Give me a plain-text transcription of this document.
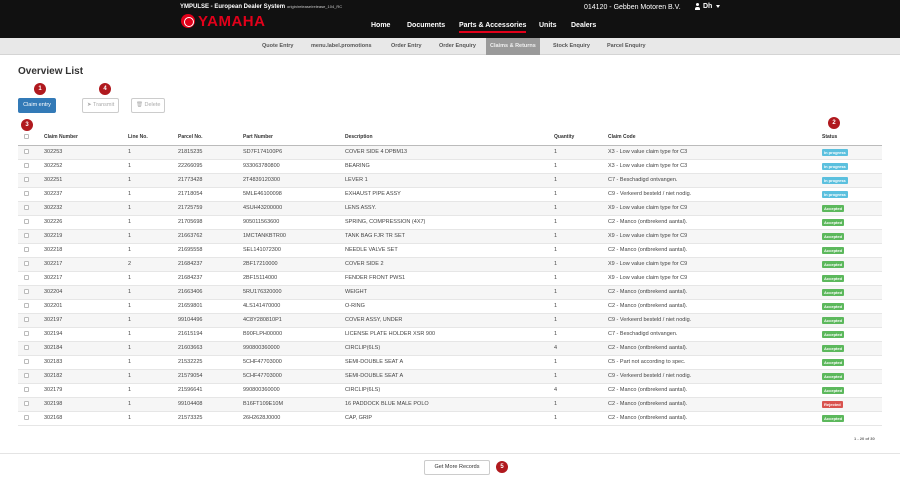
YMPULSE - European Dealer System origin/release/release_104_RC
YAMAHA
014120 - Gebben Motoren B.V.	Dh
Home Documents Parts & Accessories Units Dealers
Quote Entry	menu.label.promotions	Order Entry	Order Enquiry	Claims & Returns	Stock Enquiry	Parcel Enquiry
Overview List
1	4
2
3
5
Claim entry	➤ Transmit	🗑 Delete
	Claim Number	Line No.	Parcel No.	Part Number	Description	Quantity	Claim Code	Status
	302253	1	21815235	SD7F174100P6	COVER SIDE 4 DPBM13	1	X3 - Low value claim type for C3	In progress
	302252	1	22266095	933063780800	BEARING	1	X3 - Low value claim type for C3	In progress
	302251	1	21773428	2T4839120300	LEVER 1	1	C7 - Beschadigd ontvangen.	In progress
	302237	1	21718054	5MLE46100098	EXHAUST PIPE ASSY	1	C9 - Verkeerd besteld / niet nodig.	In progress
	302232	1	21725759	4SUH43200000	LENS ASSY.	1	X9 - Low value claim type for C9	Accepted
	302226	1	21705698	905011563600	SPRING, COMPRESSION (4X7)	1	C2 - Manco (ontbrekend aantal).	Accepted
	302219	1	21663762	1MCTANKBTR00	TANK BAG FJR TR SET	1	X9 - Low value claim type for C9	Accepted
	302218	1	21695558	SEL141072300	NEEDLE VALVE SET	1	C2 - Manco (ontbrekend aantal).	Accepted
	302217	2	21684237	2BF17210000	COVER SIDE 2	1	X9 - Low value claim type for C9	Accepted
	302217	1	21684237	2BF15114000	FENDER FRONT PWS1	1	X9 - Low value claim type for C9	Accepted
	302204	1	21663406	5RU176320000	WEIGHT	1	C2 - Manco (ontbrekend aantal).	Accepted
	302201	1	21659801	4LS141470000	O-RING	1	C2 - Manco (ontbrekend aantal).	Accepted
	302197	1	99104496	4C8Y280810P1	COVER ASSY, UNDER	1	C9 - Verkeerd besteld / niet nodig.	Accepted
	302194	1	21615194	B90FLPH00000	LICENSE PLATE HOLDER XSR 900	1	C7 - Beschadigd ontvangen.	Accepted
	302184	1	21603663	990800360000	CIRCLIP(6LS)	4	C2 - Manco (ontbrekend aantal).	Accepted
	302183	1	21532225	5CHF47703000	SEMI-DOUBLE SEAT A	1	C5 - Part not according to spec.	Accepted
	302182	1	21579054	5CHF47703000	SEMI-DOUBLE SEAT A	1	C9 - Verkeerd besteld / niet nodig.	Accepted
	302179	1	21596641	990800360000	CIRCLIP(6LS)	4	C2 - Manco (ontbrekend aantal).	Accepted
	302198	1	99104408	B16FT109E10M	16 PADDOCK BLUE MALE POLO	1	C2 - Manco (ontbrekend aantal).	Rejected
	302168	1	21573325	26H2628J0000	CAP, GRIP	1	C2 - Manco (ontbrekend aantal).	Accepted
1 - 20 of 30
Get More Records
